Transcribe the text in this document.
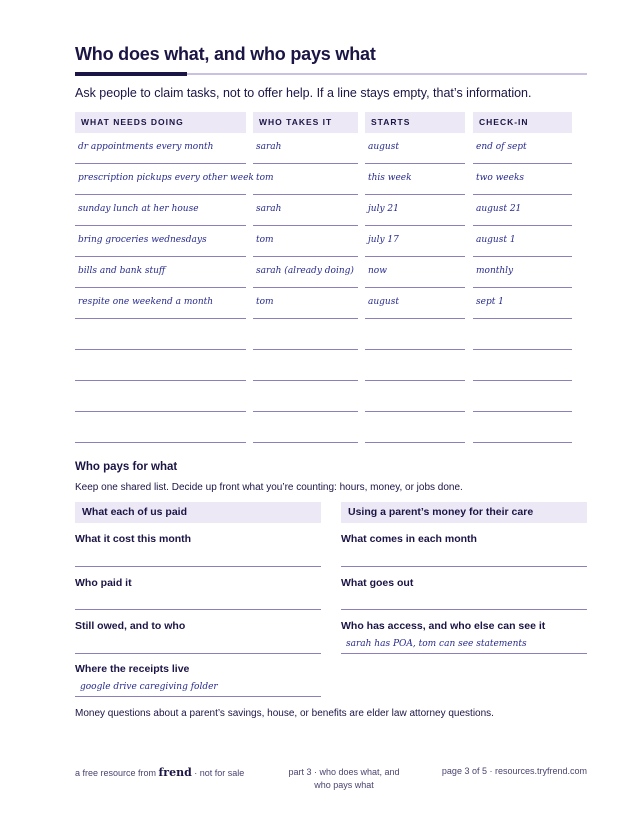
Who does what, and who pays what
Ask people to claim tasks, not to offer help. If a line stays empty, that’s information.
WHAT NEEDS DOING
dr appointments every month
prescription pickups every other week
sunday lunch at her house
bring groceries wednesdays
bills and bank stuff
respite one weekend a month
WHO TAKES IT
sarah
tom
sarah
tom
sarah (already doing)
tom
STARTS
august
this week
july 21
july 17
now
august
CHECK-IN
end of sept
two weeks
august 21
august 1
monthly
sept 1
Who pays for what
Keep one shared list. Decide up front what you’re counting: hours, money, or jobs done.
What each of us paid	Using a parent’s money for their care
What it cost this month
Who paid it
Still owed, and to who
Where the receipts live
google drive caregiving folder
What comes in each month
What goes out
Who has access, and who else can see it
sarah has POA, tom can see statements
Money questions about a parent’s savings, house, or benefits are elder law attorney questions.
a free resource from frend · not for sale	part 3 · who does what, and
who pays what
page 3 of 5 · resources.tryfrend.com
